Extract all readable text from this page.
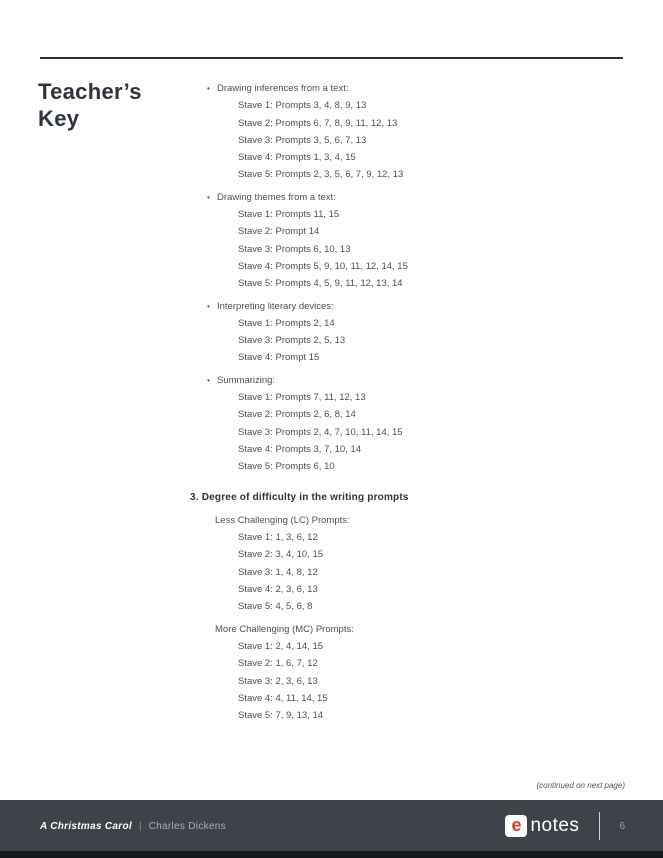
Teacher’s
Key
• Drawing inferences from a text:
Stave 1: Prompts 3, 4, 8, 9, 13
Stave 2: Prompts 6, 7, 8, 9, 11, 12, 13
Stave 3: Prompts 3, 5, 6, 7, 13
Stave 4: Prompts 1, 3, 4, 15
Stave 5: Prompts 2, 3, 5, 6, 7, 9, 12, 13
• Drawing themes from a text:
Stave 1: Prompts 11, 15
Stave 2: Prompt 14
Stave 3: Prompts 6, 10, 13
Stave 4: Prompts 5, 9, 10, 11, 12, 14, 15
Stave 5: Prompts 4, 5, 9, 11, 12, 13, 14
• Interpreting literary devices:
Stave 1: Prompts 2, 14
Stave 3: Prompts 2, 5, 13
Stave 4: Prompt 15
• Summarizing:
Stave 1: Prompts 7, 11, 12, 13
Stave 2: Prompts 2, 6, 8, 14
Stave 3: Prompts 2, 4, 7, 10, 11, 14, 15
Stave 4: Prompts 3, 7, 10, 14
Stave 5: Prompts 6, 10
3. Degree of difficulty in the writing prompts
Less Challenging (LC) Prompts:
Stave 1: 1, 3, 6, 12
Stave 2: 3, 4, 10, 15
Stave 3: 1, 4, 8, 12
Stave 4: 2, 3, 6, 13
Stave 5: 4, 5, 6, 8
More Challenging (MC) Prompts:
Stave 1: 2, 4, 14, 15
Stave 2: 1, 6, 7, 12
Stave 3: 2, 3, 6, 13
Stave 4: 4, 11, 14, 15
Stave 5: 7, 9, 13, 14
(continued on next page)
A Christmas Carol | Charles Dickens	e notes	6
